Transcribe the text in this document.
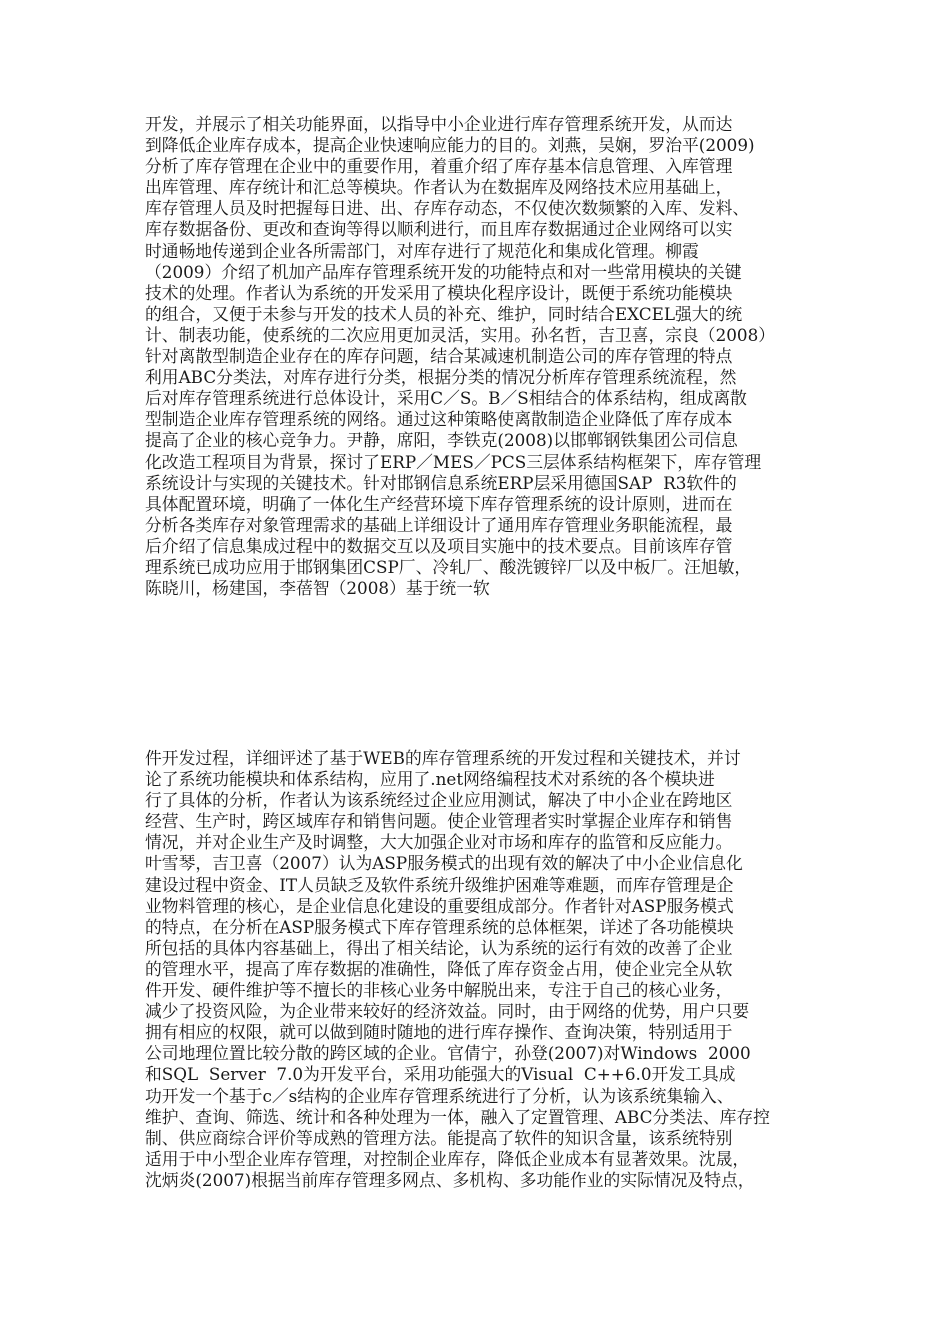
开发，并展示了相关功能界面，以指导中小企业进行库存管理系统开发，从而达
到降低企业库存成本，提高企业快速响应能力的目的。刘燕，吴娴，罗治平(2009)
分析了库存管理在企业中的重要作用，着重介绍了库存基本信息管理、入库管理
出库管理、库存统计和汇总等模块。作者认为在数据库及网络技术应用基础上，
库存管理人员及时把握每日进、出、存库存动态，不仅使次数频繁的入库、发料、
库存数据备份、更改和查询等得以顺利进行，而且库存数据通过企业网络可以实
时通畅地传递到企业各所需部门，对库存进行了规范化和集成化管理。柳霞
（2009）介绍了机加产品库存管理系统开发的功能特点和对一些常用模块的关键
技术的处理。作者认为系统的开发采用了模块化程序设计，既便于系统功能模块
的组合，又便于未参与开发的技术人员的补充、维护，同时结合EXCEL强大的统
计、制表功能，使系统的二次应用更加灵活，实用。孙名哲，吉卫喜，宗良（2008）
针对离散型制造企业存在的库存问题，结合某减速机制造公司的库存管理的特点
利用ABC分类法，对库存进行分类，根据分类的情况分析库存管理系统流程，然
后对库存管理系统进行总体设计，采用C／S。B／S相结合的体系结构，组成离散
型制造企业库存管理系统的网络。通过这种策略使离散制造企业降低了库存成本
提高了企业的核心竞争力。尹静，席阳，李铁克(2008)以邯郸钢铁集团公司信息
化改造工程项目为背景，探讨了ERP／MES／PCS三层体系结构框架下，库存管理
系统设计与实现的关键技术。针对邯钢信息系统ERP层采用德国SAP  R3软件的
具体配置环境，明确了一体化生产经营环境下库存管理系统的设计原则，进而在
分析各类库存对象管理需求的基础上详细设计了通用库存管理业务职能流程，最
后介绍了信息集成过程中的数据交互以及项目实施中的技术要点。目前该库存管
理系统已成功应用于邯钢集团CSP厂、冷轧厂、酸洗镀锌厂以及中板厂。汪旭敏，
陈晓川，杨建国，李蓓智（2008）基于统一软
件开发过程，详细评述了基于WEB的库存管理系统的开发过程和关键技术，并讨
论了系统功能模块和体系结构，应用了.net网络编程技术对系统的各个模块进
行了具体的分析，作者认为该系统经过企业应用测试，解决了中小企业在跨地区
经营、生产时，跨区域库存和销售问题。使企业管理者实时掌握企业库存和销售
情况，并对企业生产及时调整，大大加强企业对市场和库存的监管和反应能力。
叶雪琴，吉卫喜（2007）认为ASP服务模式的出现有效的解决了中小企业信息化
建设过程中资金、IT人员缺乏及软件系统升级维护困难等难题，而库存管理是企
业物料管理的核心，是企业信息化建设的重要组成部分。作者针对ASP服务模式
的特点，在分析在ASP服务模式下库存管理系统的总体框架，详述了各功能模块
所包括的具体内容基础上，得出了相关结论，认为系统的运行有效的改善了企业
的管理水平，提高了库存数据的准确性，降低了库存资金占用，使企业完全从软
件开发、硬件维护等不擅长的非核心业务中解脱出来，专注于自己的核心业务，
减少了投资风险，为企业带来较好的经济效益。同时，由于网络的优势，用户只要
拥有相应的权限，就可以做到随时随地的进行库存操作、查询决策，特别适用于
公司地理位置比较分散的跨区域的企业。官倩宁，孙登(2007)对Windows  2000
和SQL  Server  7.0为开发平台，采用功能强大的Visual  C++6.0开发工具成
功开发一个基于c／s结构的企业库存管理系统进行了分析，认为该系统集输入、
维护、查询、筛选、统计和各种处理为一体，融入了定置管理、ABC分类法、库存控
制、供应商综合评价等成熟的管理方法。能提高了软件的知识含量，该系统特别
适用于中小型企业库存管理，对控制企业库存，降低企业成本有显著效果。沈晟，
沈炳炎(2007)根据当前库存管理多网点、多机构、多功能作业的实际情况及特点，
